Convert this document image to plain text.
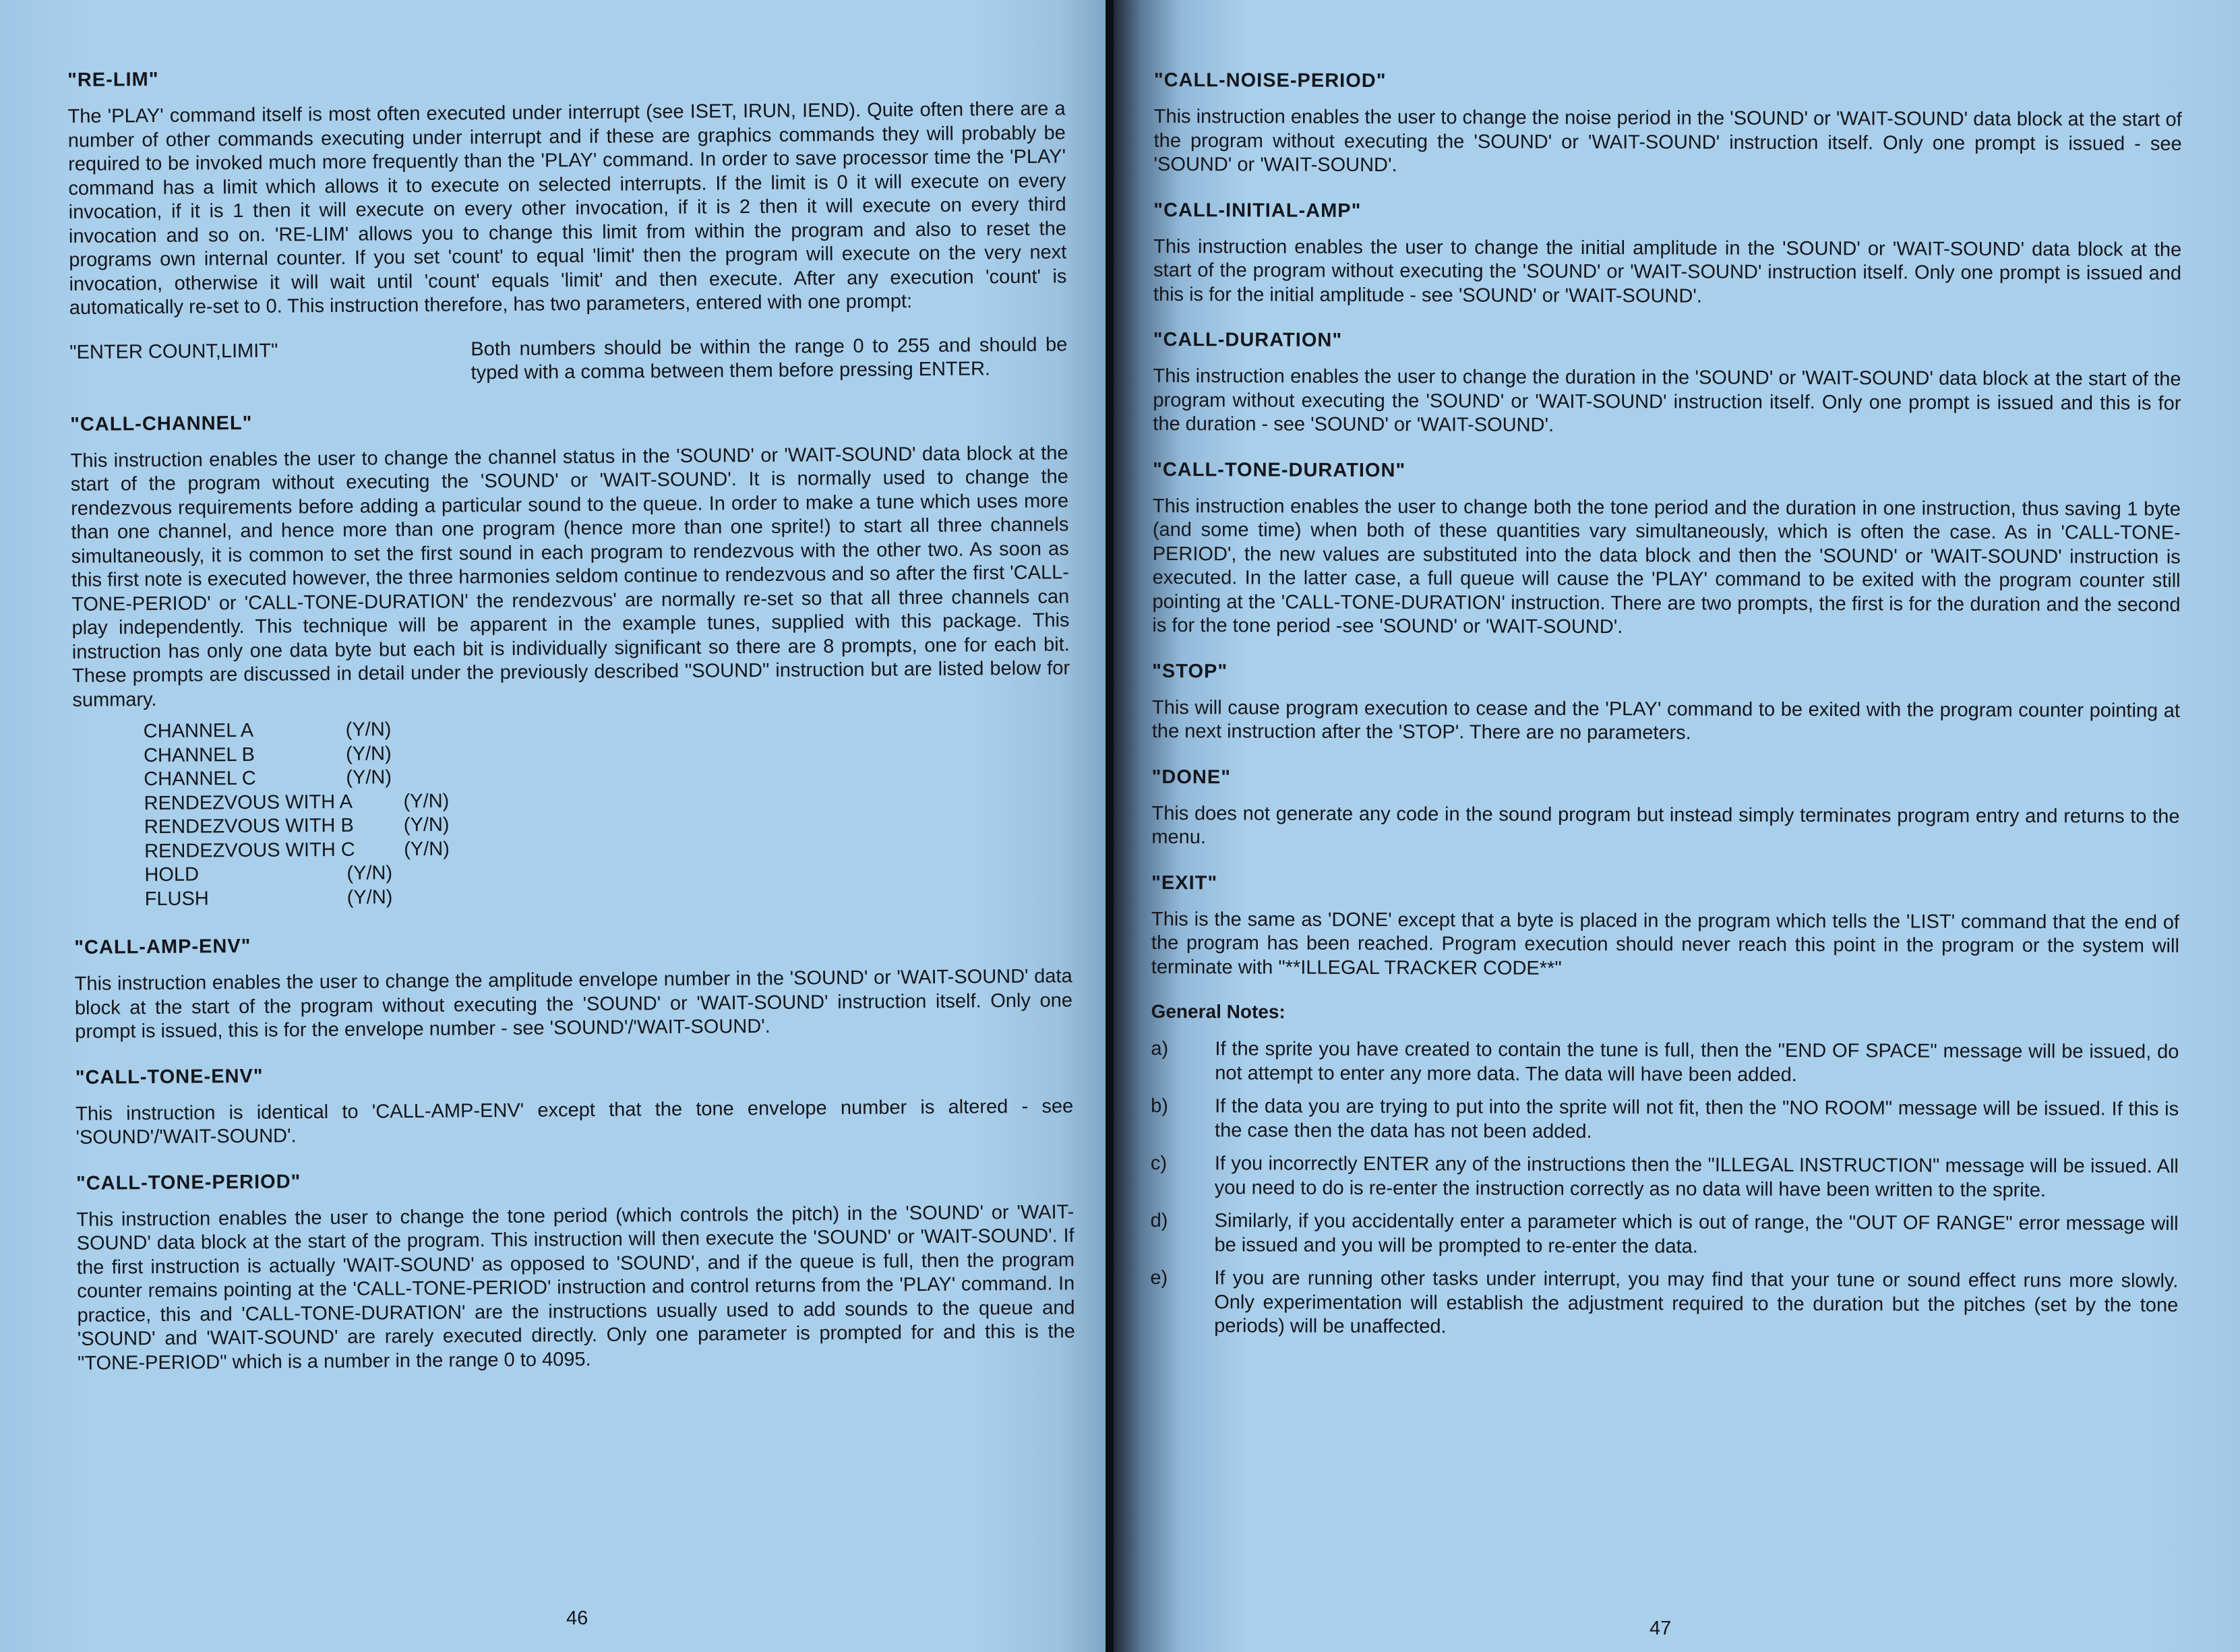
"RE-LIM"
The 'PLAY' command itself is most often executed under interrupt (see ISET, IRUN, IEND). Quite often there are a number of other commands executing under interrupt and if these are graphics commands they will probably be required to be invoked much more frequently than the 'PLAY' command. In order to save processor time the 'PLAY' command has a limit which allows it to execute on selected interrupts. If the limit is 0 it will execute on every invocation, if it is 1 then it will execute on every other invocation, if it is 2 then it will execute on every third invocation and so on. 'RE-LIM' allows you to change this limit from within the program and also to reset the programs own internal counter. If you set 'count' to equal 'limit' then the program will execute on the very next invocation, otherwise it will wait until 'count' equals 'limit' and then execute. After any execution 'count' is automatically re-set to 0. This instruction therefore, has two parameters, entered with one prompt:
"ENTER COUNT,LIMIT"	Both numbers should be within the range 0 to 255 and should be typed with a comma between them before pressing ENTER.
"CALL-CHANNEL"
This instruction enables the user to change the channel status in the 'SOUND' or 'WAIT-SOUND' data block at the start of the program without executing the 'SOUND' or 'WAIT-SOUND'. It is normally used to change the rendezvous requirements before adding a particular sound to the queue. In order to make a tune which uses more than one channel, and hence more than one program (hence more than one sprite!) to start all three channels simultaneously, it is common to set the first sound in each program to rendezvous with the other two. As soon as this first note is executed however, the three harmonies seldom continue to rendezvous and so after the first 'CALL-TONE-PERIOD' or 'CALL-TONE-DURATION' the rendezvous' are normally re-set so that all three channels can play independently. This technique will be apparent in the example tunes, supplied with this package. This instruction has only one data byte but each bit is individually significant so there are 8 prompts, one for each bit. These prompts are discussed in detail under the previously described "SOUND" instruction but are listed below for summary.
CHANNEL A	(Y/N)
CHANNEL B	(Y/N)
CHANNEL C	(Y/N)
RENDEZVOUS WITH A	(Y/N)
RENDEZVOUS WITH B	(Y/N)
RENDEZVOUS WITH C	(Y/N)
HOLD	(Y/N)
FLUSH	(Y/N)
"CALL-AMP-ENV"
This instruction enables the user to change the amplitude envelope number in the 'SOUND' or 'WAIT-SOUND' data block at the start of the program without executing the 'SOUND' or 'WAIT-SOUND' instruction itself. Only one prompt is issued, this is for the envelope number - see 'SOUND'/'WAIT-SOUND'.
"CALL-TONE-ENV"
This instruction is identical to 'CALL-AMP-ENV' except that the tone envelope number is altered - see 'SOUND'/'WAIT-SOUND'.
"CALL-TONE-PERIOD"
This instruction enables the user to change the tone period (which controls the pitch) in the 'SOUND' or 'WAIT-SOUND' data block at the start of the program. This instruction will then execute the 'SOUND' or 'WAIT-SOUND'. If the first instruction is actually 'WAIT-SOUND' as opposed to 'SOUND', and if the queue is full, then the program counter remains pointing at the 'CALL-TONE-PERIOD' instruction and control returns from the 'PLAY' command. In practice, this and 'CALL-TONE-DURATION' are the instructions usually used to add sounds to the queue and 'SOUND' and 'WAIT-SOUND' are rarely executed directly. Only one parameter is prompted for and this is the "TONE-PERIOD" which is a number in the range 0 to 4095.
46
"CALL-NOISE-PERIOD"
This instruction enables the user to change the noise period in the 'SOUND' or 'WAIT-SOUND' data block at the start of the program without executing the 'SOUND' or 'WAIT-SOUND' instruction itself. Only one prompt is issued - see 'SOUND' or 'WAIT-SOUND'.
"CALL-INITIAL-AMP"
This instruction enables the user to change the initial amplitude in the 'SOUND' or 'WAIT-SOUND' data block at the start of the program without executing the 'SOUND' or 'WAIT-SOUND' instruction itself. Only one prompt is issued and this is for the initial amplitude - see 'SOUND' or 'WAIT-SOUND'.
"CALL-DURATION"
This instruction enables the user to change the duration in the 'SOUND' or 'WAIT-SOUND' data block at the start of the program without executing the 'SOUND' or 'WAIT-SOUND' instruction itself. Only one prompt is issued and this is for the duration - see 'SOUND' or 'WAIT-SOUND'.
"CALL-TONE-DURATION"
This instruction enables the user to change both the tone period and the duration in one instruction, thus saving 1 byte (and some time) when both of these quantities vary simultaneously, which is often the case. As in 'CALL-TONE-PERIOD', the new values are substituted into the data block and then the 'SOUND' or 'WAIT-SOUND' instruction is executed. In the latter case, a full queue will cause the 'PLAY' command to be exited with the program counter still pointing at the 'CALL-TONE-DURATION' instruction. There are two prompts, the first is for the duration and the second is for the tone period -see 'SOUND' or 'WAIT-SOUND'.
"STOP"
This will cause program execution to cease and the 'PLAY' command to be exited with the program counter pointing at the next instruction after the 'STOP'. There are no parameters.
"DONE"
This does not generate any code in the sound program but instead simply terminates program entry and returns to the menu.
"EXIT"
This is the same as 'DONE' except that a byte is placed in the program which tells the 'LIST' command that the end of the program has been reached. Program execution should never reach this point in the program or the system will terminate with "**ILLEGAL TRACKER CODE**"
General Notes:
a)	If the sprite you have created to contain the tune is full, then the "END OF SPACE" message will be issued, do not attempt to enter any more data. The data will have been added.
b)	If the data you are trying to put into the sprite will not fit, then the "NO ROOM" message will be issued. If this is the case then the data has not been added.
c)	If you incorrectly ENTER any of the instructions then the "ILLEGAL INSTRUCTION" message will be issued. All you need to do is re-enter the instruction correctly as no data will have been written to the sprite.
d)	Similarly, if you accidentally enter a parameter which is out of range, the "OUT OF RANGE" error message will be issued and you will be prompted to re-enter the data.
e)	If you are running other tasks under interrupt, you may find that your tune or sound effect runs more slowly. Only experimentation will establish the adjustment required to the duration but the pitches (set by the tone periods) will be unaffected.
47
